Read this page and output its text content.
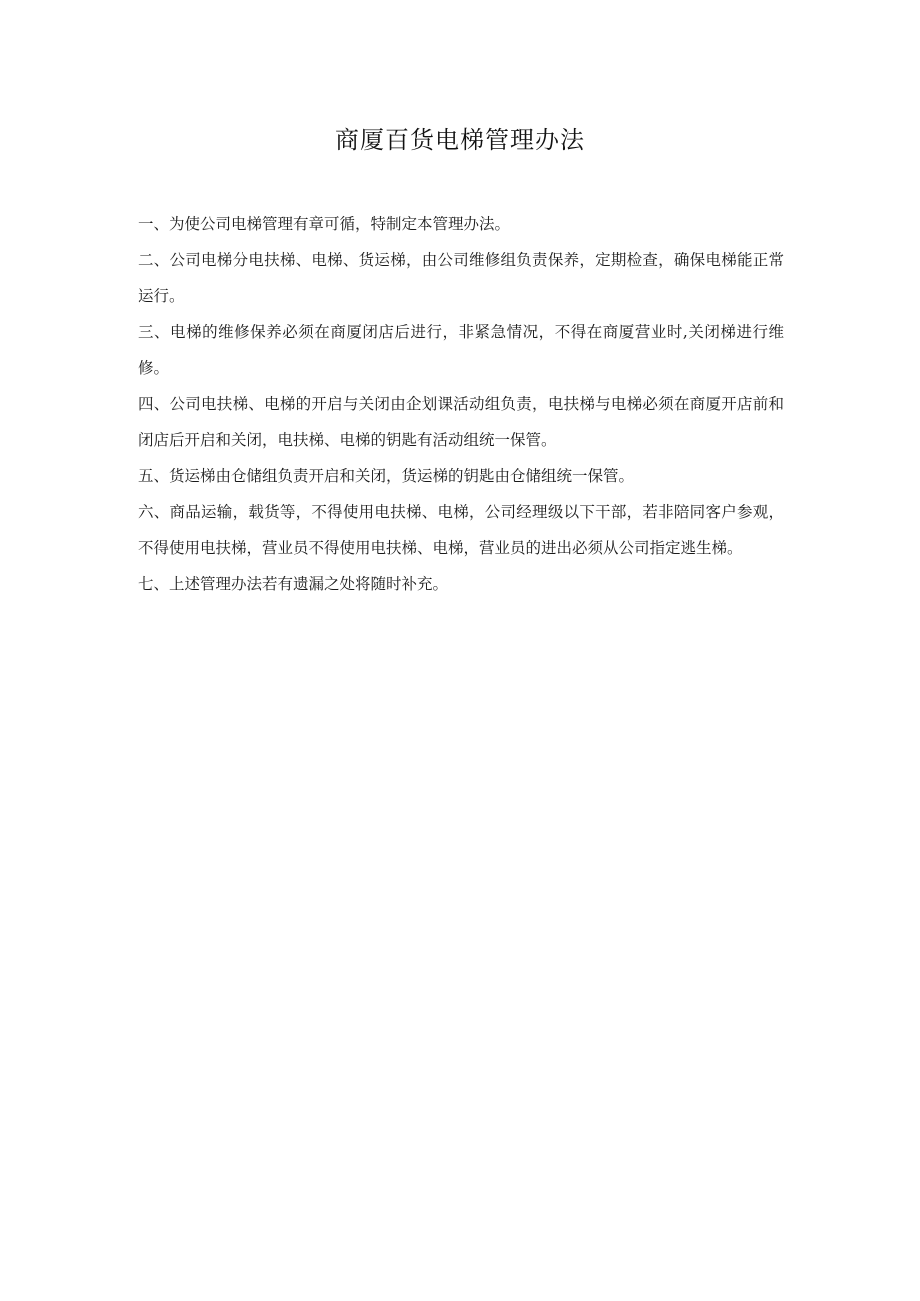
商厦百货电梯管理办法

一、为使公司电梯管理有章可循，特制定本管理办法。

二、公司电梯分电扶梯、电梯、货运梯，由公司维修组负责保养，定期检查，确保电梯能正常运行。

三、电梯的维修保养必须在商厦闭店后进行，非紧急情况，不得在商厦营业时,关闭梯进行维修。

四、公司电扶梯、电梯的开启与关闭由企划课活动组负责，电扶梯与电梯必须在商厦开店前和闭店后开启和关闭，电扶梯、电梯的钥匙有活动组统一保管。

五、货运梯由仓储组负责开启和关闭，货运梯的钥匙由仓储组统一保管。

六、商品运输，载货等，不得使用电扶梯、电梯，公司经理级以下干部，若非陪同客户参观，不得使用电扶梯，营业员不得使用电扶梯、电梯，营业员的进出必须从公司指定逃生梯。

七、上述管理办法若有遗漏之处将随时补充。
